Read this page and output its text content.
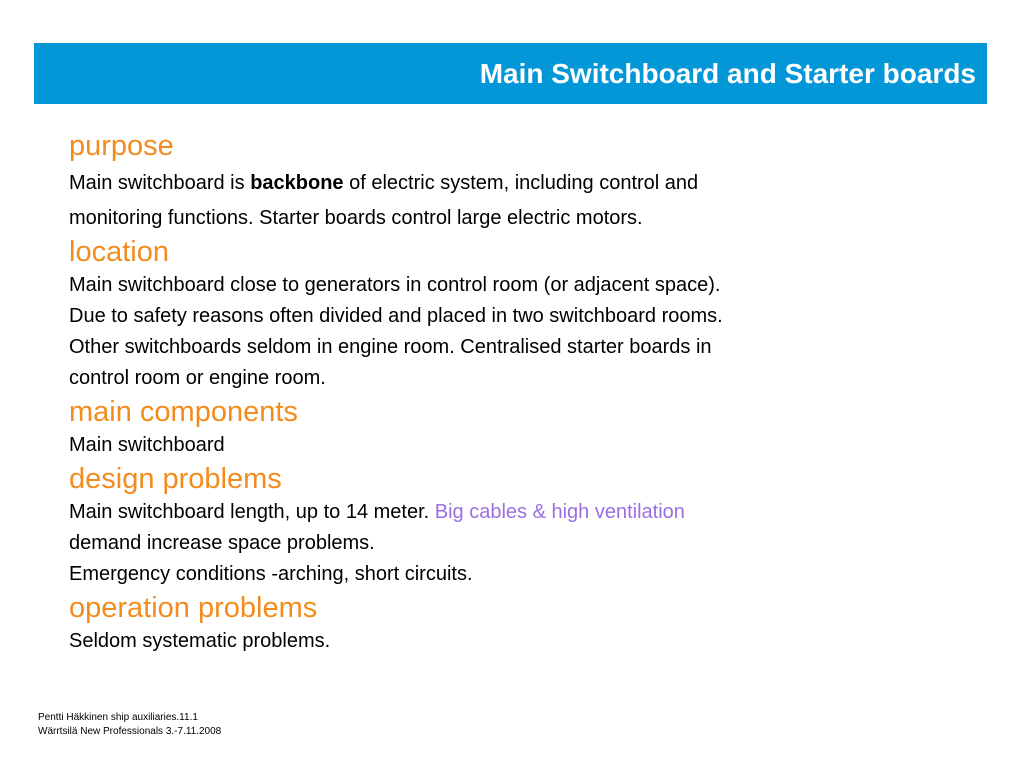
Main Switchboard and Starter boards
purpose
Main switchboard is backbone of electric system, including control and
monitoring functions. Starter boards control large electric motors.
location
Main switchboard close to generators in control room (or adjacent space).
Due to safety reasons often divided and placed in two switchboard rooms.
Other switchboards seldom in engine room. Centralised starter boards in
control room or engine room.
main components
Main switchboard
design problems
Main switchboard length, up to 14 meter. Big cables & high ventilation
demand increase space problems.
Emergency conditions -arching, short circuits.
operation problems
Seldom systematic problems.
Pentti Häkkinen ship auxiliaries.11.1
Wärrtsilä New Professionals 3.-7.11.2008
